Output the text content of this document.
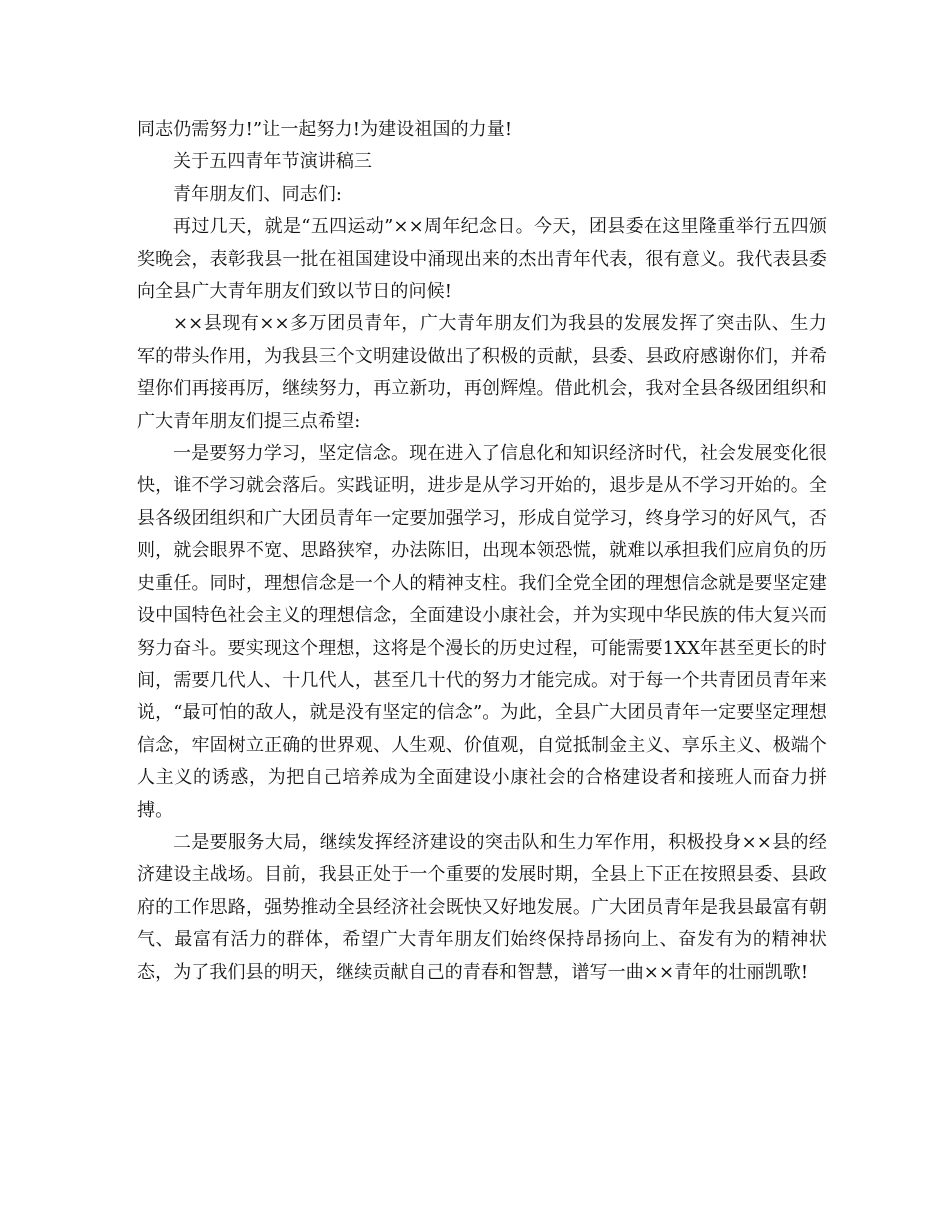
同志仍需努力!”让一起努力!为建设祖国的力量!

关于五四青年节演讲稿三

青年朋友们、同志们:

再过几天，就是“五四运动”××周年纪念日。今天，团县委在这里隆重举行五四颁奖晚会，表彰我县一批在祖国建设中涌现出来的杰出青年代表，很有意义。我代表县委向全县广大青年朋友们致以节日的问候!

××县现有××多万团员青年，广大青年朋友们为我县的发展发挥了突击队、生力军的带头作用，为我县三个文明建设做出了积极的贡献，县委、县政府感谢你们，并希望你们再接再厉，继续努力，再立新功，再创辉煌。借此机会，我对全县各级团组织和广大青年朋友们提三点希望:

一是要努力学习，坚定信念。现在进入了信息化和知识经济时代，社会发展变化很快，谁不学习就会落后。实践证明，进步是从学习开始的，退步是从不学习开始的。全县各级团组织和广大团员青年一定要加强学习，形成自觉学习，终身学习的好风气，否则，就会眼界不宽、思路狭窄，办法陈旧，出现本领恐慌，就难以承担我们应肩负的历史重任。同时，理想信念是一个人的精神支柱。我们全党全团的理想信念就是要坚定建设中国特色社会主义的理想信念，全面建设小康社会，并为实现中华民族的伟大复兴而努力奋斗。要实现这个理想，这将是个漫长的历史过程，可能需要1XX年甚至更长的时间，需要几代人、十几代人，甚至几十代的努力才能完成。对于每一个共青团员青年来说，“最可怕的敌人，就是没有坚定的信念”。为此，全县广大团员青年一定要坚定理想信念，牢固树立正确的世界观、人生观、价值观，自觉抵制金主义、享乐主义、极端个人主义的诱惑，为把自己培养成为全面建设小康社会的合格建设者和接班人而奋力拼搏。

二是要服务大局，继续发挥经济建设的突击队和生力军作用，积极投身××县的经济建设主战场。目前，我县正处于一个重要的发展时期，全县上下正在按照县委、县政府的工作思路，强势推动全县经济社会既快又好地发展。广大团员青年是我县最富有朝气、最富有活力的群体，希望广大青年朋友们始终保持昂扬向上、奋发有为的精神状态，为了我们县的明天，继续贡献自己的青春和智慧，谱写一曲××青年的壮丽凯歌!
